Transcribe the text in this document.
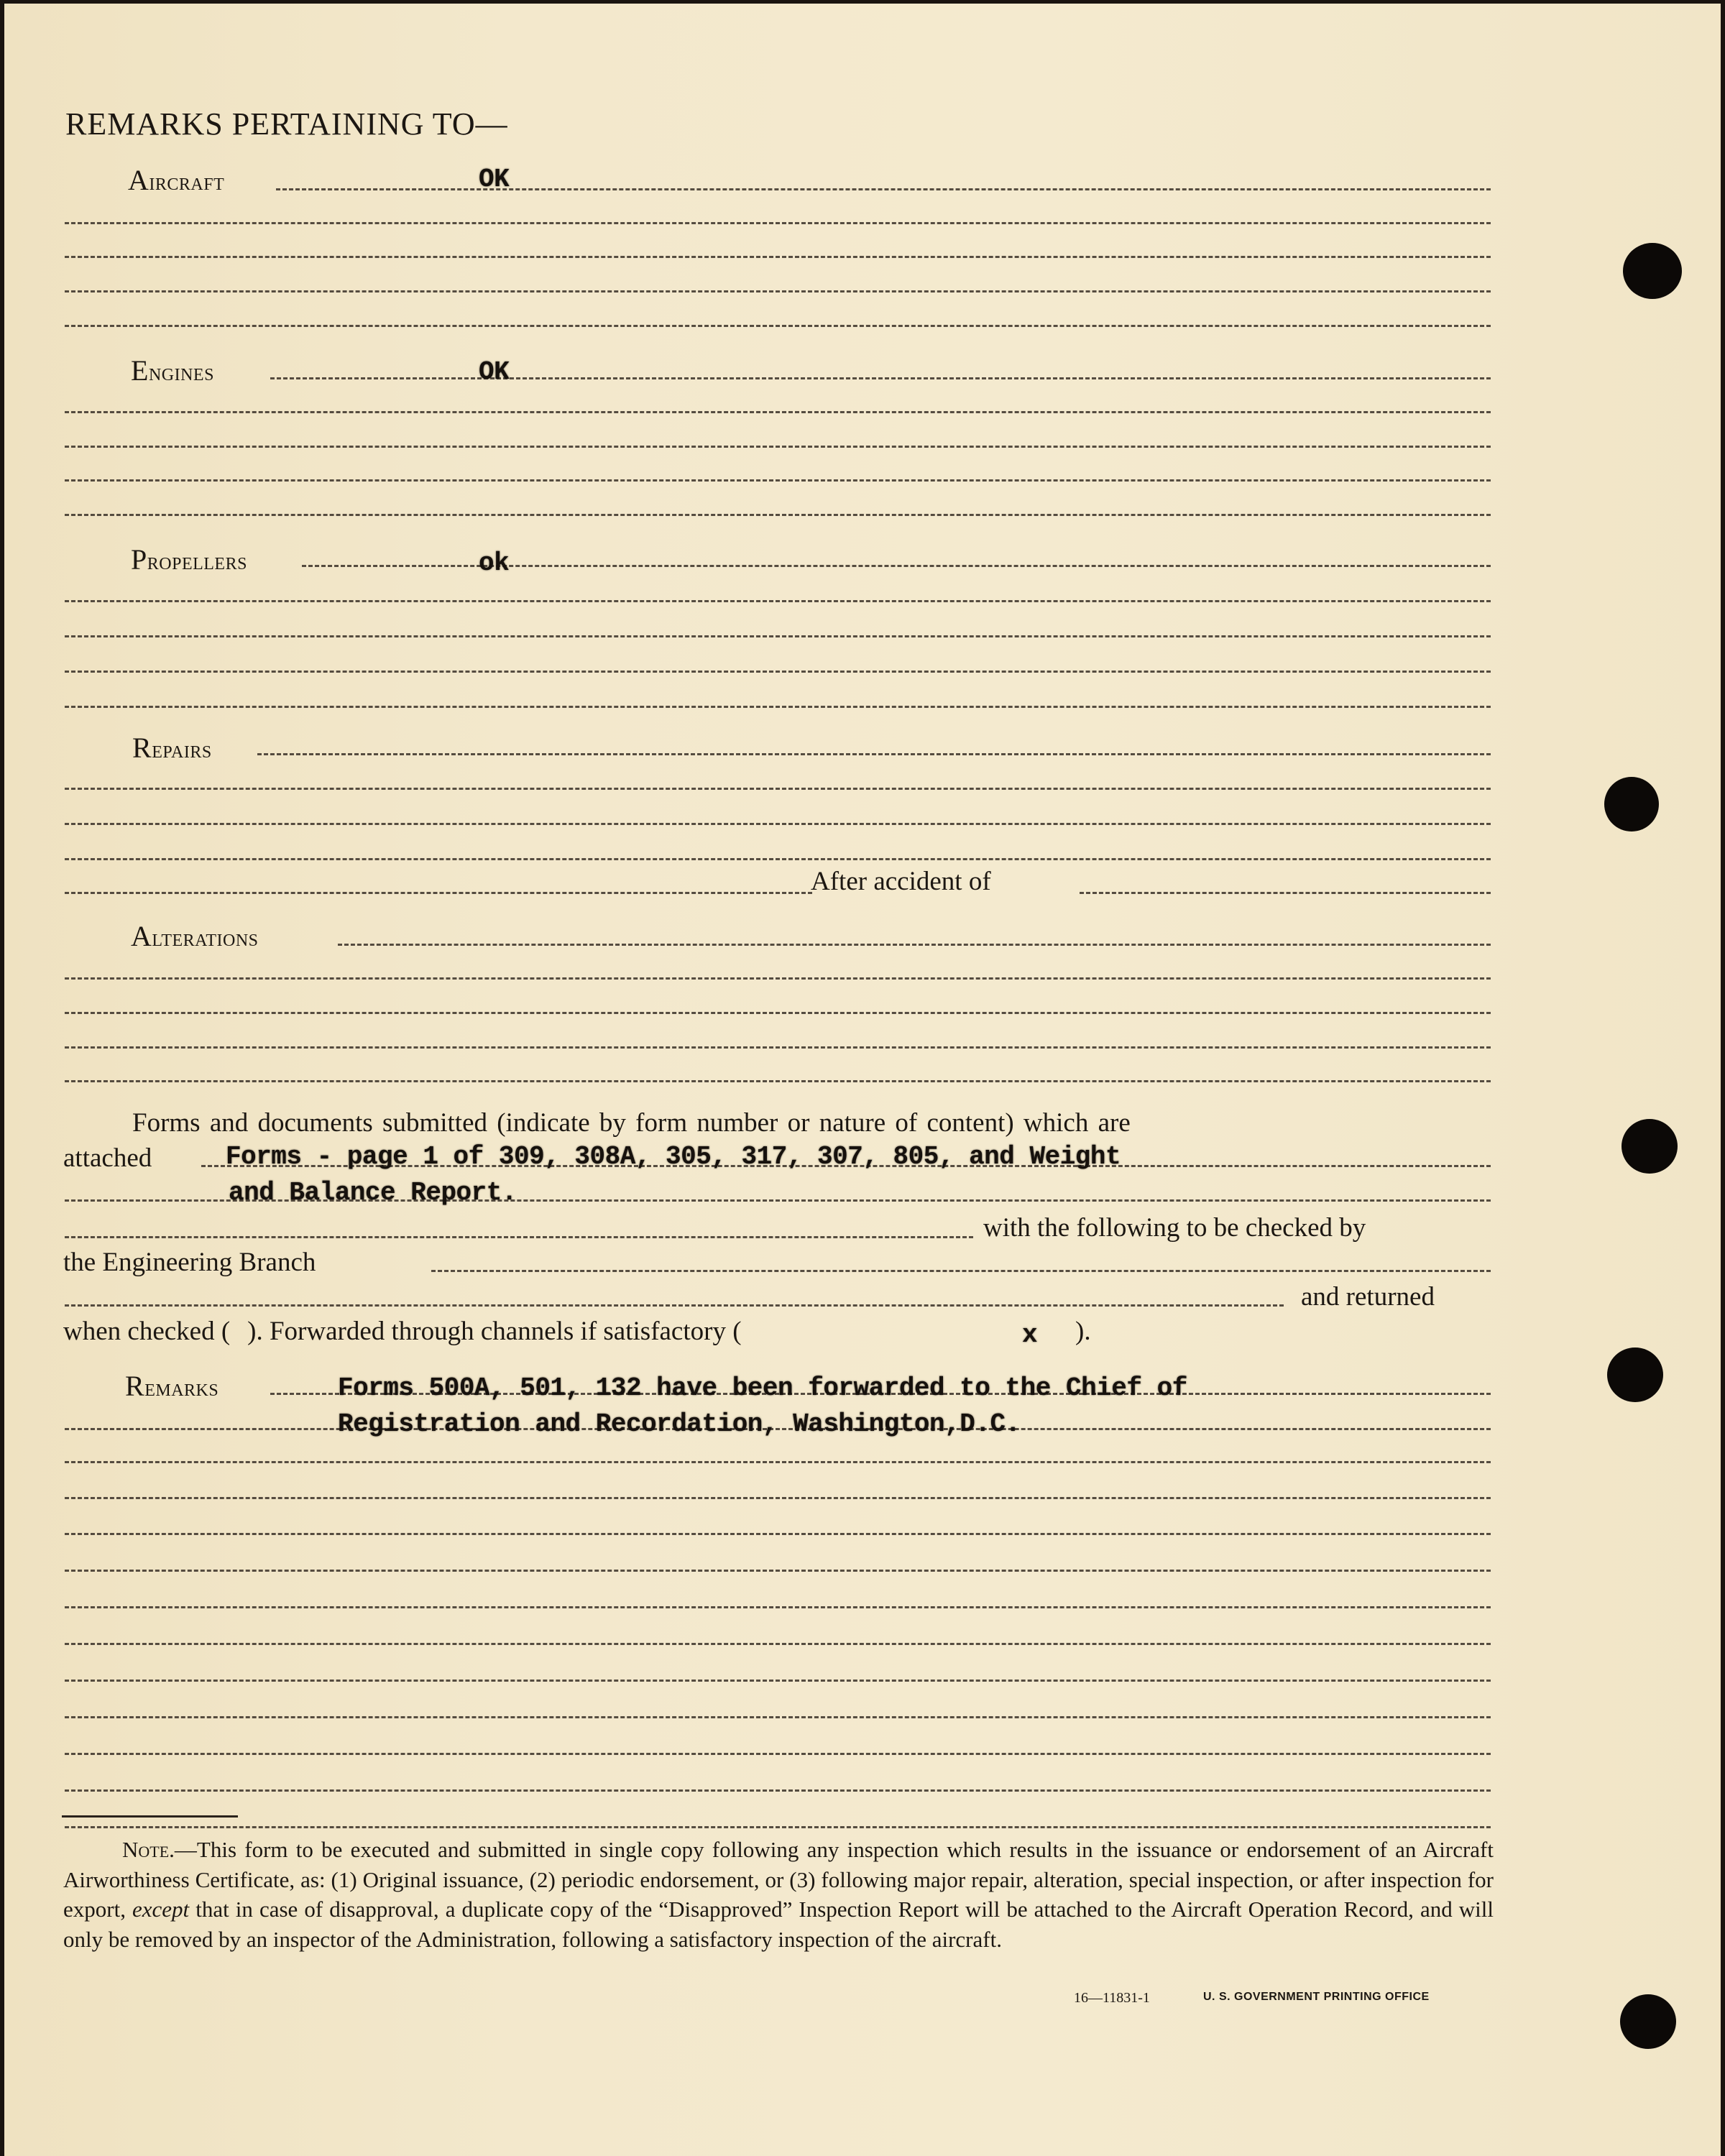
REMARKS PERTAINING TO—
Aircraft	OK
Engines	OK
Propellers	ok
Repairs
After accident of
Alterations
Forms and documents submitted (indicate by form number or nature of content) which are
attached	Forms - page 1 of 309, 308A, 305, 317, 307, 805, and Weight
and Balance Report.
with the following to be checked by
the Engineering Branch
and returned
when checked ( ). Forwarded through channels if satisfactory (	x ).
Remarks	Forms 500A, 501, 132 have been forwarded to the Chief of
Registration and Recordation, Washington,D.C.
Note.—This form to be executed and submitted in single copy following any inspection which results in the issuance or endorsement of an Aircraft Airworthiness Certificate, as: (1) Original issuance, (2) periodic endorsement, or (3) following major repair, alteration, special inspection, or after inspection for export, except that in case of disapproval, a duplicate copy of the “Disapproved” Inspection Report will be attached to the Aircraft Operation Record, and will only be removed by an inspector of the Administration, following a satisfactory inspection of the aircraft.
16—11831-1	U. S. GOVERNMENT PRINTING OFFICE
